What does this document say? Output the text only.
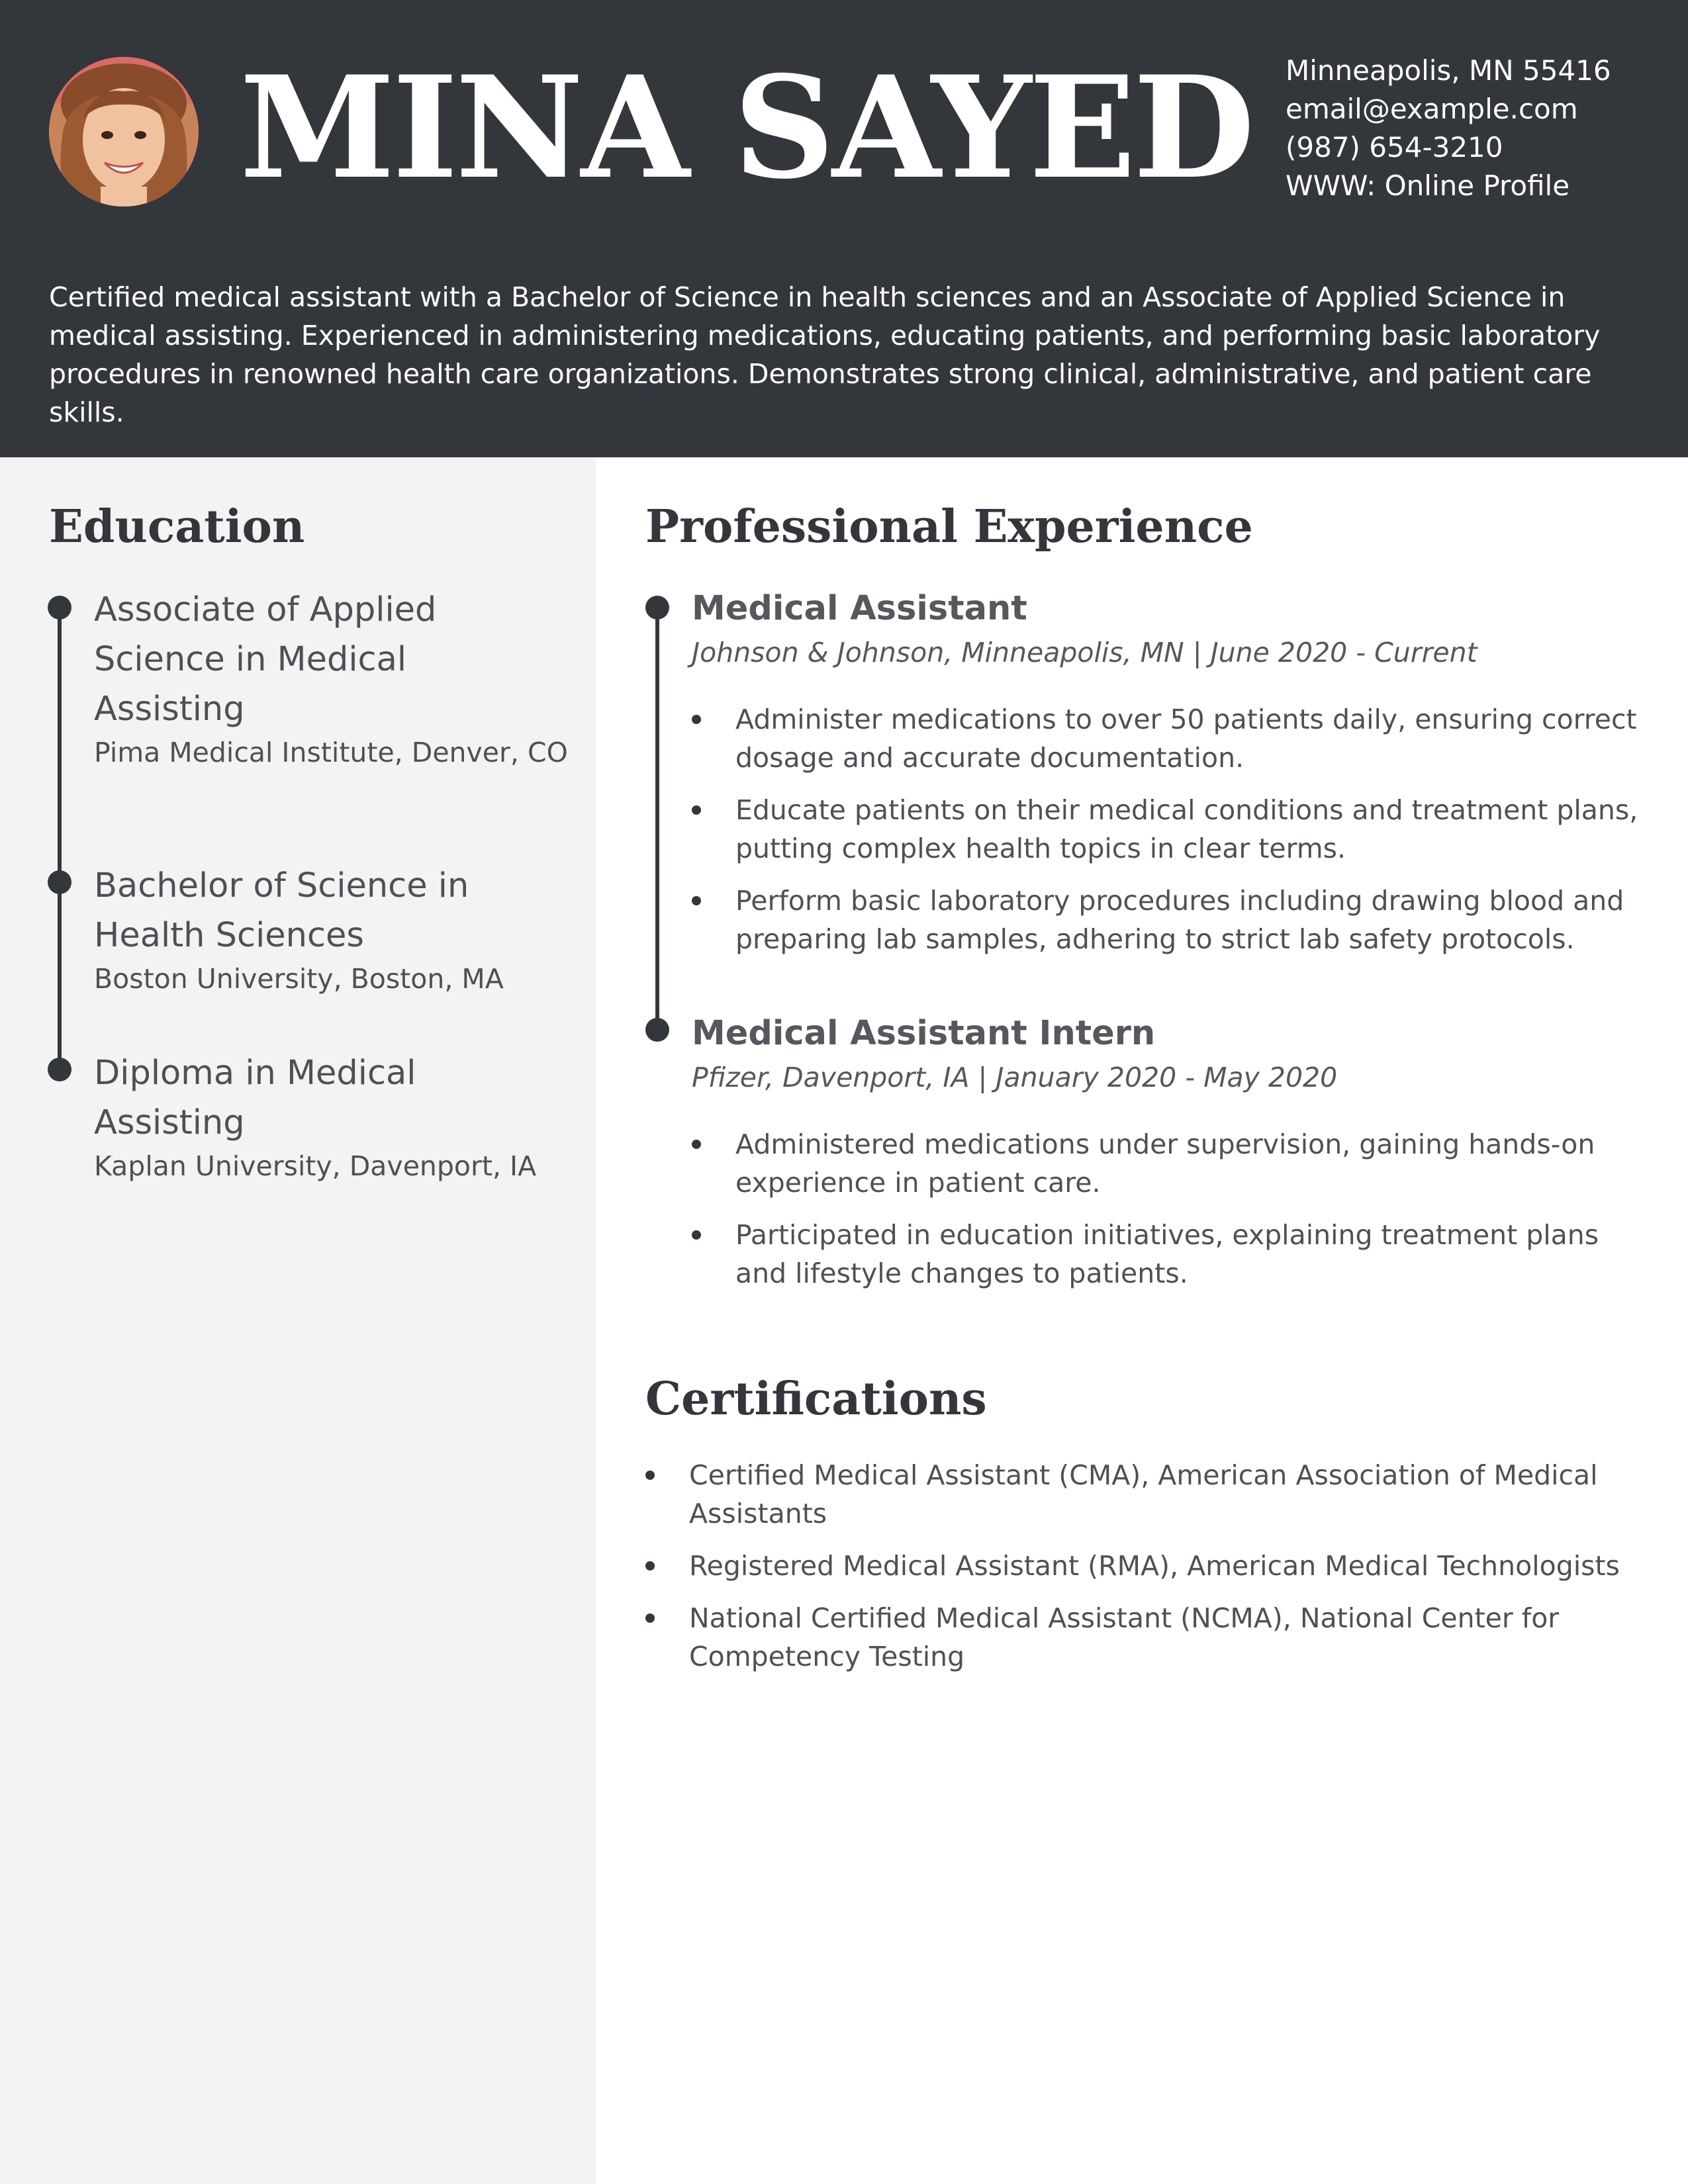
MINA SAYED Minneapolis, MN 55416
email@example.com
(987) 654-3210
WWW: Online Profile
Certified medical assistant with a Bachelor of Science in health sciences and an Associate of Applied Science in medical assisting. Experienced in administering medications, educating patients, and performing basic laboratory procedures in renowned health care organizations. Demonstrates strong clinical, administrative, and patient care skills.
Education
Associate of Applied Science in Medical Assisting
Pima Medical Institute, Denver, CO
Bachelor of Science in Health Sciences
Boston University, Boston, MA
Diploma in Medical Assisting
Kaplan University, Davenport, IA
Professional Experience
Medical Assistant
Johnson & Johnson, Minneapolis, MN | June 2020 - Current
Administer medications to over 50 patients daily, ensuring correct dosage and accurate documentation.
Educate patients on their medical conditions and treatment plans, putting complex health topics in clear terms.
Perform basic laboratory procedures including drawing blood and preparing lab samples, adhering to strict lab safety protocols.
Medical Assistant Intern
Pfizer, Davenport, IA | January 2020 - May 2020
Administered medications under supervision, gaining hands-on experience in patient care.
Participated in education initiatives, explaining treatment plans and lifestyle changes to patients.
Certifications
Certified Medical Assistant (CMA), American Association of Medical Assistants
Registered Medical Assistant (RMA), American Medical Technologists
National Certified Medical Assistant (NCMA), National Center for Competency Testing
